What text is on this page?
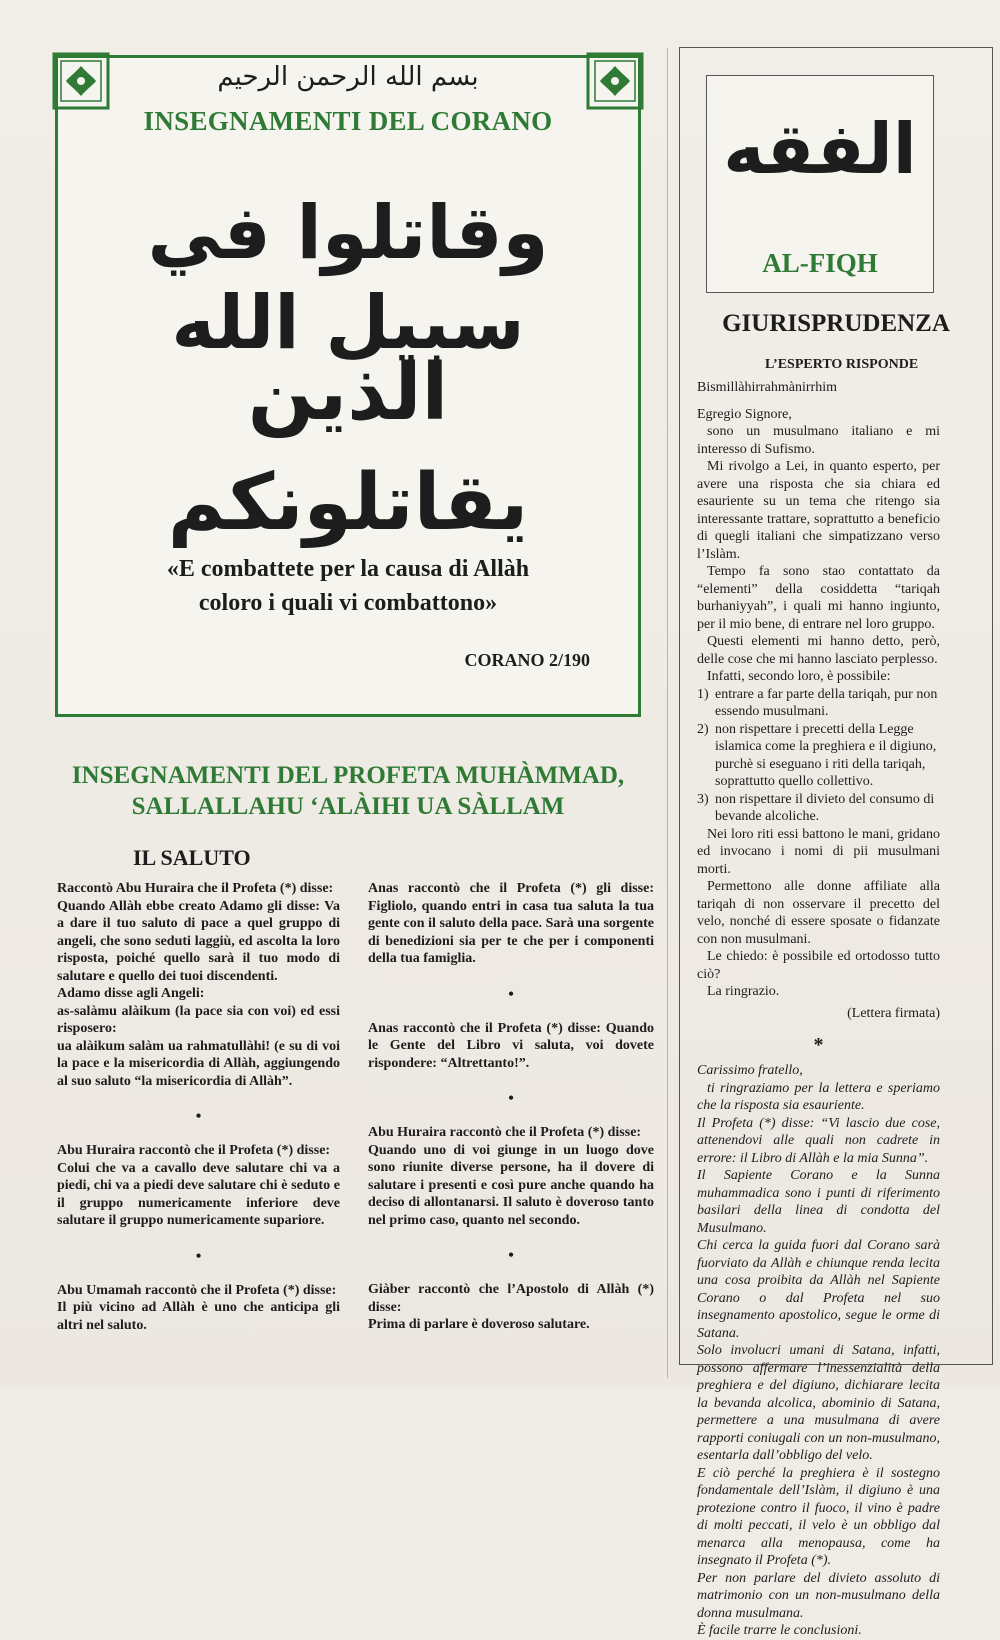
بسم الله الرحمن الرحيم
INSEGNAMENTI DEL CORANO
وقاتلوا في سبيل الله
الذين يقاتلونكم
«E combattete per la causa di Allàh
coloro i quali vi combattono»
CORANO 2/190
INSEGNAMENTI DEL PROFETA MUHÀMMAD,
SALLALLAHU ‘ALÀIHI UA SÀLLAM
IL SALUTO

Raccontò Abu Huraira che il Profeta (*) disse:

Quando Allàh ebbe creato Adamo gli disse: Va a dare il tuo saluto di pace a quel gruppo di angeli, che sono seduti laggiù, ed ascolta la loro risposta, poiché quello sarà il tuo modo di salutare e quello dei tuoi discendenti.

Adamo disse agli Angeli:

as-salàmu alàikum (la pace sia con voi) ed essi risposero:

ua alàikum salàm ua rahmatullàhi! (e su di voi la pace e la misericordia di Allàh, aggiungendo al suo saluto “la misericordia di Allàh”.

•

Abu Huraira raccontò che il Profeta (*) disse:

Colui che va a cavallo deve salutare chi va a piedi, chi va a piedi deve salutare chi è seduto e il gruppo numericamente inferiore deve salutare il gruppo numericamente supariore.

•

Abu Umamah raccontò che il Profeta (*) disse:

Il più vicino ad Allàh è uno che anticipa gli altri nel saluto.

Anas raccontò che il Profeta (*) gli disse: Figliolo, quando entri in casa tua saluta la tua gente con il saluto della pace. Sarà una sorgente di benedizioni sia per te che per i componenti della tua famiglia.

•

Anas raccontò che il Profeta (*) disse: Quando le Gente del Libro vi saluta, voi dovete rispondere: “Altrettanto!”.

•

Abu Huraira raccontò che il Profeta (*) disse:

Quando uno di voi giunge in un luogo dove sono riunite diverse persone, ha il dovere di salutare i presenti e così pure anche quando ha deciso di allontanarsi. Il saluto è doveroso tanto nel primo caso, quanto nel secondo.

•

Giàber raccontò che l’Apostolo di Allàh (*) disse:

Prima di parlare è doveroso salutare.

الفقه
AL-FIQH
GIURISPRUDENZA
L’ESPERTO RISPONDE

Bismillàhirrahmànirrhim

Egregio Signore,

sono un musulmano italiano e mi interesso di Sufismo.

Mi rivolgo a Lei, in quanto esperto, per avere una risposta che sia chiara ed esauriente su un tema che ritengo sia interessante trattare, soprattutto a beneficio di quegli italiani che simpatizzano verso l’Islàm.

Tempo fa sono stao contattato da “elementi” della cosiddetta “tariqah burhaniyyah”, i quali mi hanno ingiunto, per il mio bene, di entrare nel loro gruppo.

Questi elementi mi hanno detto, però, delle cose che mi hanno lasciato perplesso.

Infatti, secondo loro, è possibile:

1) entrare a far parte della tariqah, pur non essendo musulmani.
2) non rispettare i precetti della Legge islamica come la preghiera e il digiuno, purchè si eseguano i riti della tariqah, soprattutto quello collettivo.
3) non rispettare il divieto del consumo di bevande alcoliche.

Nei loro riti essi battono le mani, gridano ed invocano i nomi di pii musulmani morti.

Permettono alle donne affiliate alla tariqah di non osservare il precetto del velo, nonché di essere sposate o fidanzate con non musulmani.

Le chiedo: è possibile ed ortodosso tutto ciò?

La ringrazio.

(Lettera firmata)

*

Carissimo fratello,

ti ringraziamo per la lettera e speriamo che la risposta sia esauriente.

Il Profeta (*) disse: “Vi lascio due cose, attenendovi alle quali non cadrete in errore: il Libro di Allàh e la mia Sunna”.

Il Sapiente Corano e la Sunna muhammadica sono i punti di riferimento basilari della linea di condotta del Musulmano.

Chi cerca la guida fuori dal Corano sarà fuorviato da Allàh e chiunque renda lecita una cosa proibita da Allàh nel Sapiente Corano o dal Profeta nel suo insegnamento apostolico, segue le orme di Satana.

Solo involucri umani di Satana, infatti, possono affermare l’inessenzialità della preghiera e del digiuno, dichiarare lecita la bevanda alcolica, abominio di Satana, permettere a una musulmana di avere rapporti coniugali con un non-musulmano, esentarla dall’obbligo del velo.

E ciò perché la preghiera è il sostegno fondamentale dell’Islàm, il digiuno è una protezione contro il fuoco, il vino è padre di molti peccati, il velo è un obbligo dal menarca alla menopausa, come ha insegnato il Profeta (*).

Per non parlare del divieto assoluto di matrimonio con un non-musulmano della donna musulmana.

È facile trarre le conclusioni.
